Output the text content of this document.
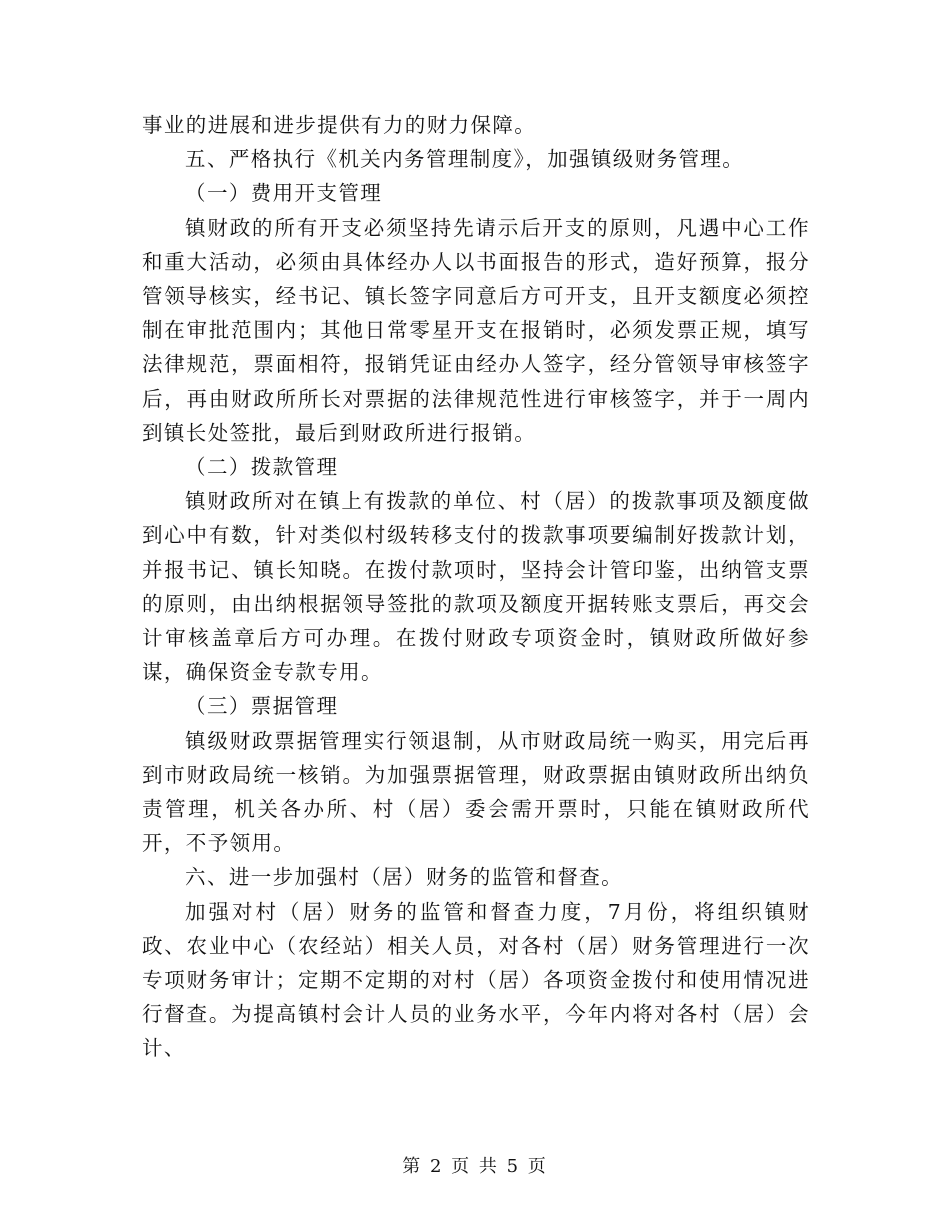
事业的进展和进步提供有力的财力保障。

五、严格执行《机关内务管理制度》，加强镇级财务管理。

（一）费用开支管理

镇财政的所有开支必须坚持先请示后开支的原则，凡遇中心工作和重大活动，必须由具体经办人以书面报告的形式，造好预算，报分管领导核实，经书记、镇长签字同意后方可开支，且开支额度必须控制在审批范围内；其他日常零星开支在报销时，必须发票正规，填写法律规范，票面相符，报销凭证由经办人签字，经分管领导审核签字后，再由财政所所长对票据的法律规范性进行审核签字，并于一周内到镇长处签批，最后到财政所进行报销。

（二）拨款管理

镇财政所对在镇上有拨款的单位、村（居）的拨款事项及额度做到心中有数，针对类似村级转移支付的拨款事项要编制好拨款计划，并报书记、镇长知晓。在拨付款项时，坚持会计管印鉴，出纳管支票的原则，由出纳根据领导签批的款项及额度开据转账支票后，再交会计审核盖章后方可办理。在拨付财政专项资金时，镇财政所做好参谋，确保资金专款专用。

（三）票据管理

镇级财政票据管理实行领退制，从市财政局统一购买，用完后再到市财政局统一核销。为加强票据管理，财政票据由镇财政所出纳负责管理，机关各办所、村（居）委会需开票时，只能在镇财政所代开，不予领用。

六、进一步加强村（居）财务的监管和督查。

加强对村（居）财务的监管和督查力度，7月份，将组织镇财政、农业中心（农经站）相关人员，对各村（居）财务管理进行一次专项财务审计；定期不定期的对村（居）各项资金拨付和使用情况进行督查。为提高镇村会计人员的业务水平，今年内将对各村（居）会计、

第 2 页 共 5 页
